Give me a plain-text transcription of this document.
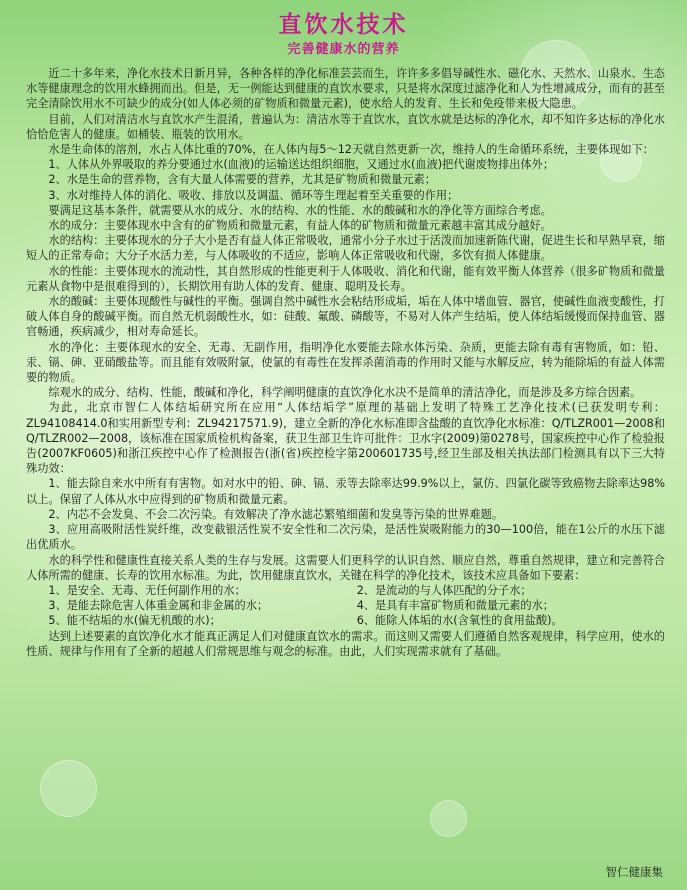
直饮水技术
完善健康水的营养

近二十多年来，净化水技术日新月异，各种各样的净化标准芸芸而生，许许多多倡导碱性水、磁化水、天然水、山泉水、生态水等健康理念的饮用水蜂拥而出。但是，无一例能达到健康的直饮水要求，只是将水深度过滤净化和人为性增减成分，而有的甚至完全清除饮用水不可缺少的成分(如人体必须的矿物质和微量元素)，使水给人的发育、生长和免疫带来极大隐患。

目前，人们对清洁水与直饮水产生混淆，普遍认为：清洁水等于直饮水，直饮水就是达标的净化水，却不知许多达标的净化水恰恰危害人的健康。如桶装、瓶装的饮用水。

水是生命体的溶剂，水占人体比重的70%，在人体内每5～12天就自然更新一次，维持人的生命循环系统，主要体现如下：

1、人体从外界吸取的养分要通过水(血液)的运输送达组织细胞，又通过水(血液)把代谢废物排出体外；

2、水是生命的营养物，含有大量人体需要的营养，尤其是矿物质和微量元素；

3、水对维持人体的消化、吸收、排放以及调温、循环等生理起着至关重要的作用；

要满足这基本条件，就需要从水的成分、水的结构、水的性能、水的酸碱和水的净化等方面综合考虑。

水的成分：主要体现水中含有的矿物质和微量元素，有益人体的矿物质和微量元素越丰富其成分越好。

水的结构：主要体现水的分子大小是否有益人体正常吸收，通常小分子水过于活泼而加速新陈代谢，促进生长和早熟早衰，缩短人的正常寿命；大分子水活力差，与人体吸收的不适应，影响人体正常吸收和代谢，多饮有损人体健康。

水的性能：主要体现水的流动性，其自然形成的性能更利于人体吸收、消化和代谢，能有效平衡人体营养（很多矿物质和微量元素从食物中是很难得到的），长期饮用有助人体的发育、健康、聪明及长寿。

水的酸碱：主要体现酸性与碱性的平衡。强调自然中碱性水会粘结形成垢，垢在人体中堵血管、器官，使碱性血液变酸性，打破人体自身的酸碱平衡。而自然无机弱酸性水，如：硅酸、氟酸、磷酸等，不易对人体产生结垢，使人体结垢缓慢而保持血管、器官畅通，疾病减少，相对寿命延长。

水的净化：主要体现水的安全、无毒、无副作用，指明净化水要能去除水体污染、杂质，更能去除有毒有害物质，如：铅、汞、镉、砷、亚硝酸盐等。而且能有效吸附氯，使氯的有毒性在发挥杀菌消毒的作用时又能与水解反应，转为能除垢的有益人体需要的物质。

综观水的成分、结构、性能，酸碱和净化，科学阐明健康的直饮净化水决不是简单的清洁净化，而是涉及多方综合因素。

为此，北京市智仁人体结垢研究所在应用“人体结垢学”原理的基础上发明了特殊工艺净化技术(已获发明专利：ZL94108414.0和实用新型专利：ZL94217571.9)，建立全新的净化水标准即含盐酸的直饮净化水标准：Q/TLZR001—2008和Q/TLZR002—2008，该标准在国家质检机构备案，获卫生部卫生许可批件：卫水字(2009)第0278号，国家疾控中心作了检验报告(2007KF0605)和浙江疾控中心作了检测报告(浙(省)疾控检字第200601735号,经卫生部及相关执法部门检测具有以下三大特殊功效：

1、能去除自来水中所有有害物。如对水中的铅、砷、镉、汞等去除率达99.9%以上，氯仿、四氯化碳等致癌物去除率达98%以上。保留了人体从水中应得到的矿物质和微量元素。

2、内芯不会发臭、不会二次污染。有效解决了净水滤芯繁殖细菌和发臭等污染的世界难题。

3、应用高吸附活性炭纤维，改变截银活性炭不安全性和二次污染，是活性炭吸附能力的30—100倍，能在1公斤的水压下滤出优质水。

水的科学性和健康性直接关系人类的生存与发展。这需要人们更科学的认识自然、顺应自然，尊重自然规律，建立和完善符合人体所需的健康、长寿的饮用水标准。为此，饮用健康直饮水，关键在科学的净化技术，该技术应具备如下要素：

1、是安全、无毒、无任何副作用的水；	2、是流动的与人体匹配的分子水；
3、是能去除危害人体重金属和非金属的水；	4、是具有丰富矿物质和微量元素的水；
5、能不结垢的水(偏无机酸的水)；	6、能除人体垢的水(含氧性的食用盐酸)。

达到上述要素的直饮净化水才能真正满足人们对健康直饮水的需求。而这则又需要人们遵循自然客观规律，科学应用，使水的性质、规律与作用有了全新的超越人们常规思维与观念的标准。由此，人们实现需求就有了基础。

智仁健康集
